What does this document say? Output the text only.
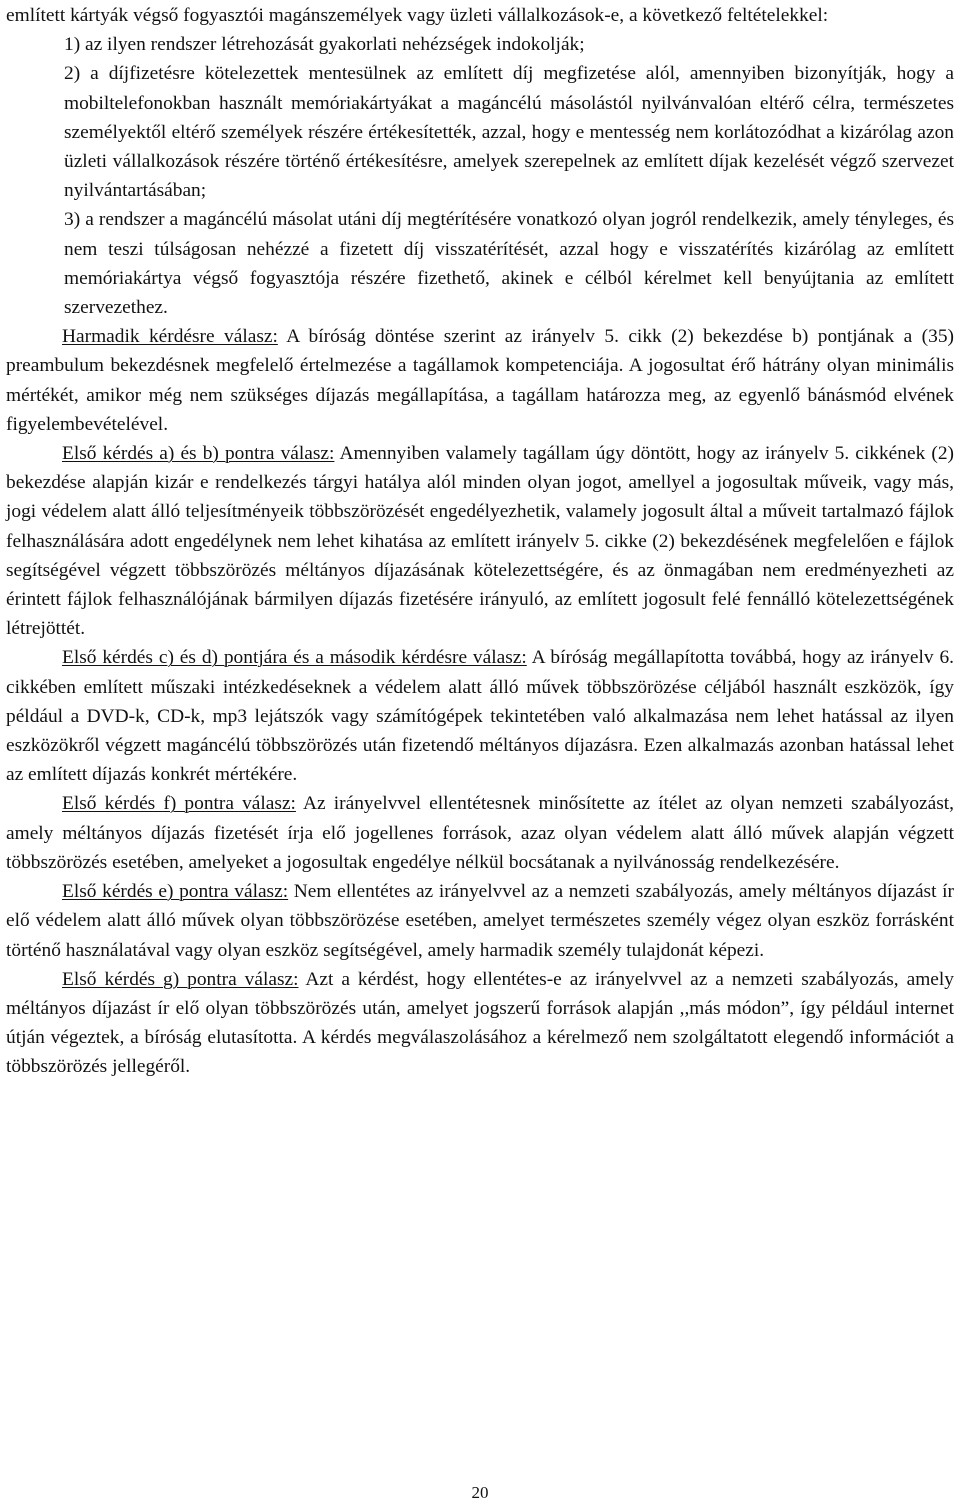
említett kártyák végső fogyasztói magánszemélyek vagy üzleti vállalkozások-e, a következő feltételekkel:

1) az ilyen rendszer létrehozását gyakorlati nehézségek indokolják;

2) a díjfizetésre kötelezettek mentesülnek az említett díj megfizetése alól, amennyiben bizonyítják, hogy a mobiltelefonokban használt memóriakártyákat a magáncélú másolástól nyilvánvalóan eltérő célra, természetes személyektől eltérő személyek részére értékesítették, azzal, hogy e mentesség nem korlátozódhat a kizárólag azon üzleti vállalkozások részére történő értékesítésre, amelyek szerepelnek az említett díjak kezelését végző szervezet nyilvántartásában;

3) a rendszer a magáncélú másolat utáni díj megtérítésére vonatkozó olyan jogról rendelkezik, amely tényleges, és nem teszi túlságosan nehézzé a fizetett díj visszatérítését, azzal hogy e visszatérítés kizárólag az említett memóriakártya végső fogyasztója részére fizethető, akinek e célból kérelmet kell benyújtania az említett szervezethez.

Harmadik kérdésre válasz: A bíróság döntése szerint az irányelv 5. cikk (2) bekezdése b) pontjának a (35) preambulum bekezdésnek megfelelő értelmezése a tagállamok kompetenciája. A jogosultat érő hátrány olyan minimális mértékét, amikor még nem szükséges díjazás megállapítása, a tagállam határozza meg, az egyenlő bánásmód elvének figyelembevételével.

Első kérdés a) és b) pontra válasz: Amennyiben valamely tagállam úgy döntött, hogy az irányelv 5. cikkének (2) bekezdése alapján kizár e rendelkezés tárgyi hatálya alól minden olyan jogot, amellyel a jogosultak műveik, vagy más, jogi védelem alatt álló teljesítményeik többszörözését engedélyezhetik, valamely jogosult által a műveit tartalmazó fájlok felhasználására adott engedélynek nem lehet kihatása az említett irányelv 5. cikke (2) bekezdésének megfelelően e fájlok segítségével végzett többszörözés méltányos díjazásának kötelezettségére, és az önmagában nem eredményezheti az érintett fájlok felhasználójának bármilyen díjazás fizetésére irányuló, az említett jogosult felé fennálló kötelezettségének létrejöttét.

Első kérdés c) és d) pontjára és a második kérdésre válasz: A bíróság megállapította továbbá, hogy az irányelv 6. cikkében említett műszaki intézkedéseknek a védelem alatt álló művek többszörözése céljából használt eszközök, így például a DVD-k, CD-k, mp3 lejátszók vagy számítógépek tekintetében való alkalmazása nem lehet hatással az ilyen eszközökről végzett magáncélú többszörözés után fizetendő méltányos díjazásra. Ezen alkalmazás azonban hatással lehet az említett díjazás konkrét mértékére.

Első kérdés f) pontra válasz: Az irányelvvel ellentétesnek minősítette az ítélet az olyan nemzeti szabályozást, amely méltányos díjazás fizetését írja elő jogellenes források, azaz olyan védelem alatt álló művek alapján végzett többszörözés esetében, amelyeket a jogosultak engedélye nélkül bocsátanak a nyilvánosság rendelkezésére.

Első kérdés e) pontra válasz: Nem ellentétes az irányelvvel az a nemzeti szabályozás, amely méltányos díjazást ír elő védelem alatt álló művek olyan többszörözése esetében, amelyet természetes személy végez olyan eszköz forrásként történő használatával vagy olyan eszköz segítségével, amely harmadik személy tulajdonát képezi.

Első kérdés g) pontra válasz: Azt a kérdést, hogy ellentétes-e az irányelvvel az a nemzeti szabályozás, amely méltányos díjazást ír elő olyan többszörözés után, amelyet jogszerű források alapján ,,más módon”, így például internet útján végeztek, a bíróság elutasította. A kérdés megválaszolásához a kérelmező nem szolgáltatott elegendő információt a többszörözés jellegéről.

20
